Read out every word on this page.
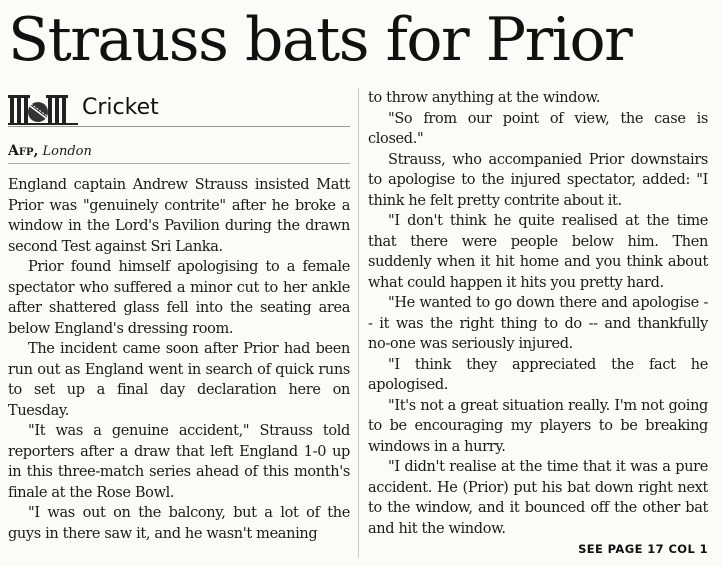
Strauss bats for Prior
Cricket
Afp, London

England captain Andrew Strauss insisted Matt Prior was "genuinely contrite" after he broke a window in the Lord's Pavilion during the drawn second Test against Sri Lanka.

Prior found himself apologising to a female spectator who suffered a minor cut to her ankle after shattered glass fell into the seating area below England's dressing room.

The incident came soon after Prior had been run out as England went in search of quick runs to set up a final day declaration here on Tuesday.

"It was a genuine accident," Strauss told reporters after a draw that left England 1-0 up in this three-match series ahead of this month's finale at the Rose Bowl.

"I was out on the balcony, but a lot of the guys in there saw it, and he wasn't meaning

to throw anything at the window.

"So from our point of view, the case is closed."

Strauss, who accompanied Prior downstairs to apologise to the injured spectator, added: "I think he felt pretty contrite about it.

"I don't think he quite realised at the time that there were people below him. Then suddenly when it hit home and you think about what could happen it hits you pretty hard.

"He wanted to go down there and apologise -- it was the right thing to do -- and thankfully no-one was seriously injured.

"I think they appreciated the fact he apologised.

"It's not a great situation really. I'm not going to be encouraging my players to be breaking windows in a hurry.

"I didn't realise at the time that it was a pure accident. He (Prior) put his bat down right next to the window, and it bounced off the other bat and hit the window.

SEE PAGE 17 COL 1
